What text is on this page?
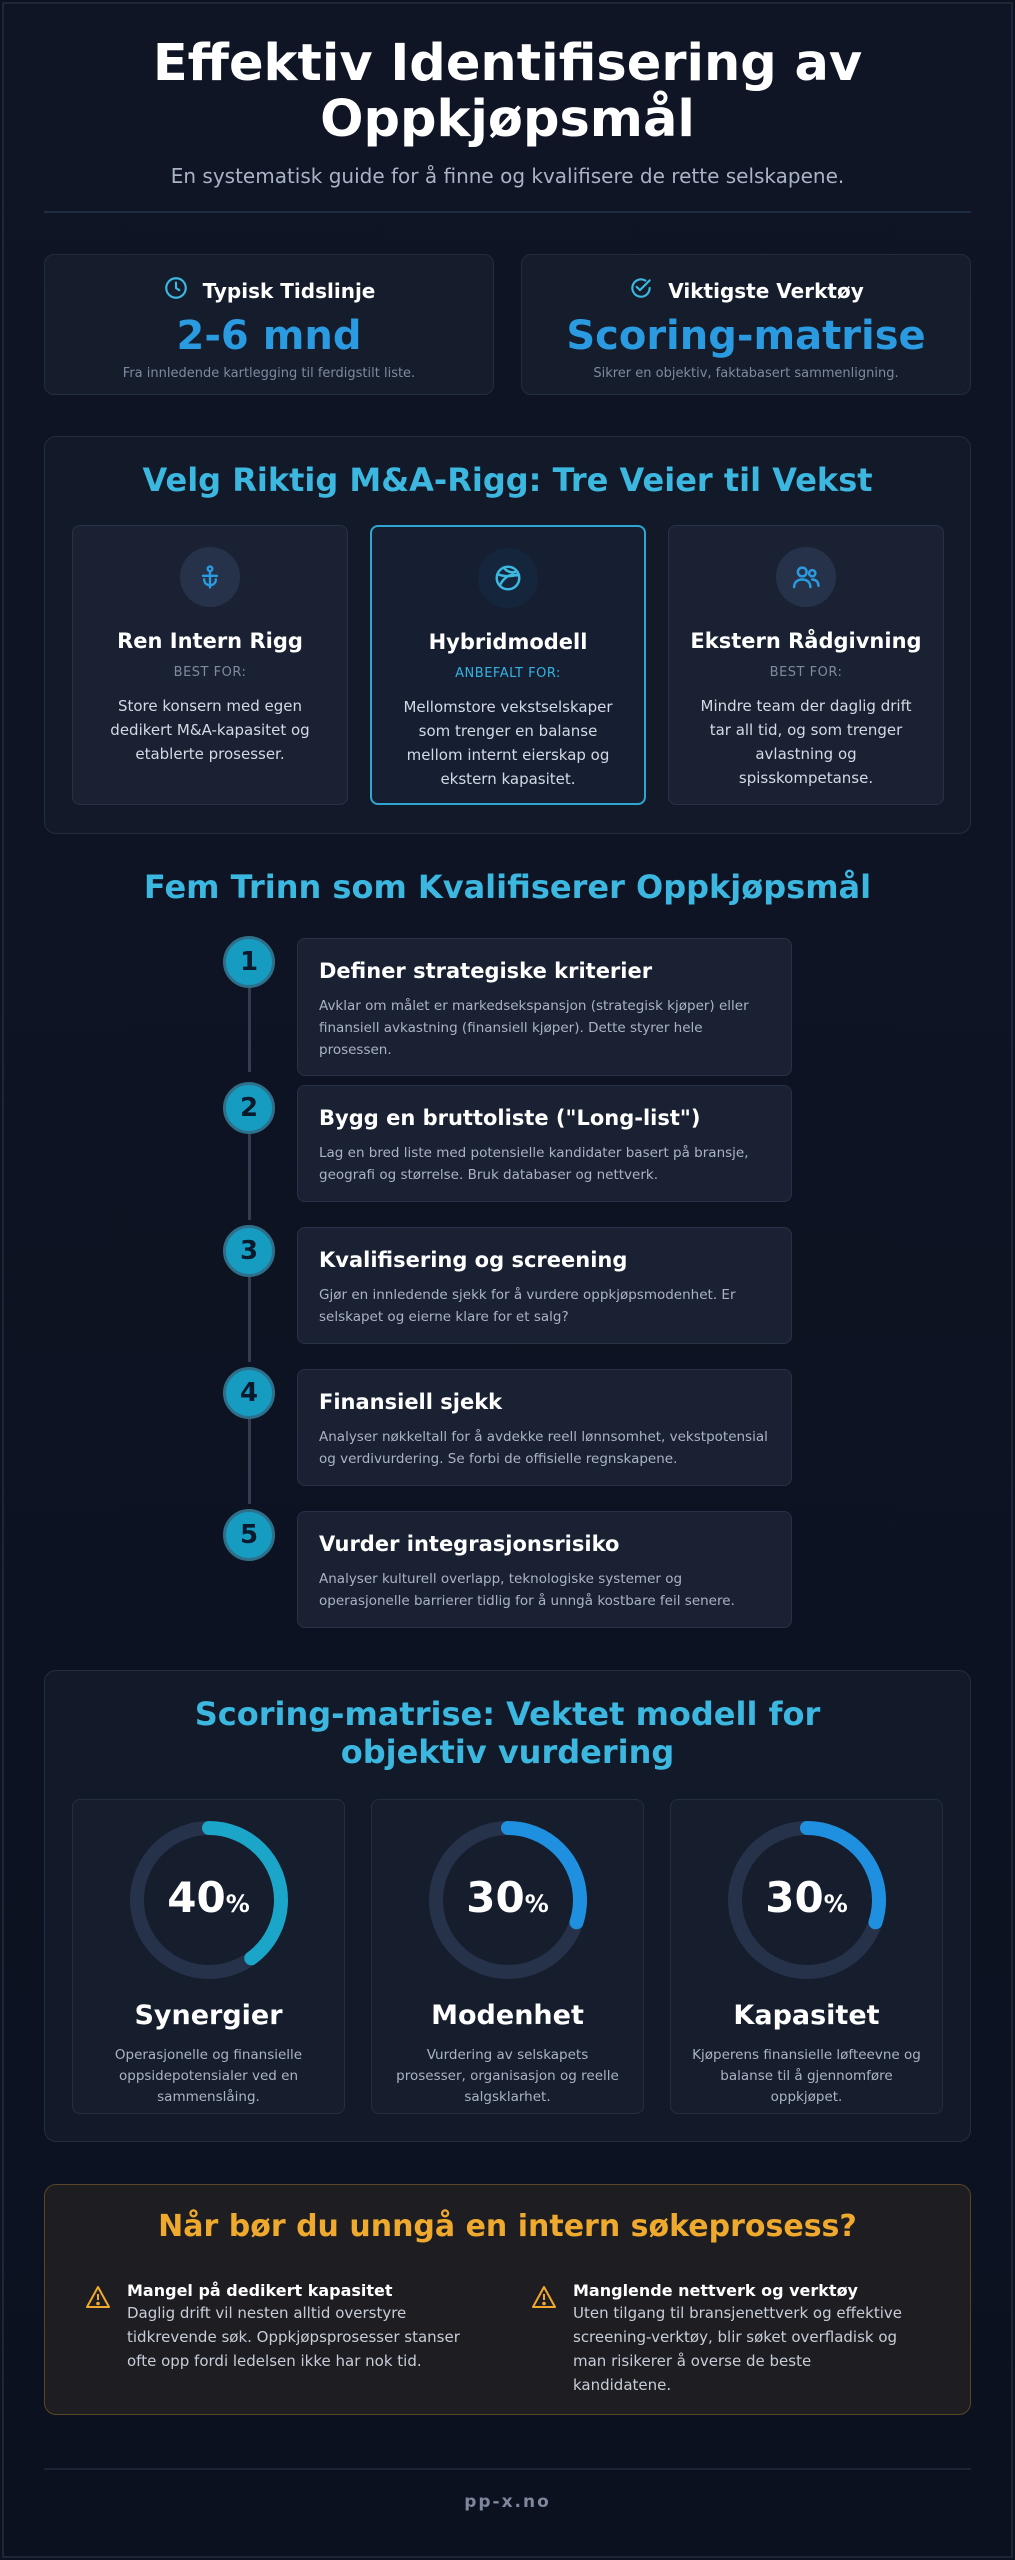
Effektiv Identifisering av Oppkjøpsmål
En systematisk guide for å finne og kvalifisere de rette selskapene.
Typisk Tidslinje
2-6 mnd
Fra innledende kartlegging til ferdigstilt liste.
Viktigste Verktøy
Scoring-matrise
Sikrer en objektiv, faktabasert sammenligning.
Velg Riktig M&A-Rigg: Tre Veier til Vekst
Ren Intern Rigg
BEST FOR:
Store konsern med egen dedikert M&A-kapasitet og etablerte prosesser.
Hybridmodell
ANBEFALT FOR:
Mellomstore vekstselskaper som trenger en balanse mellom internt eierskap og ekstern kapasitet.
Ekstern Rådgivning
BEST FOR:
Mindre team der daglig drift tar all tid, og som trenger avlastning og spisskompetanse.
Fem Trinn som Kvalifiserer Oppkjøpsmål
1	Definer strategiske kriterier
Avklar om målet er markedsekspansjon (strategisk kjøper) eller finansiell avkastning (finansiell kjøper). Dette styrer hele prosessen.
2	Bygg en bruttoliste ("Long-list")
Lag en bred liste med potensielle kandidater basert på bransje, geografi og størrelse. Bruk databaser og nettverk.
3	Kvalifisering og screening
Gjør en innledende sjekk for å vurdere oppkjøpsmodenhet. Er selskapet og eierne klare for et salg?
4	Finansiell sjekk
Analyser nøkkeltall for å avdekke reell lønnsomhet, vekstpotensial og verdivurdering. Se forbi de offisielle regnskapene.
5	Vurder integrasjonsrisiko
Analyser kulturell overlapp, teknologiske systemer og operasjonelle barrierer tidlig for å unngå kostbare feil senere.
Scoring-matrise: Vektet modell for objektiv vurdering
40%
Synergier
Operasjonelle og finansielle oppsidepotensialer ved en sammenslåing.
30%
Modenhet
Vurdering av selskapets prosesser, organisasjon og reelle salgsklarhet.
30%
Kapasitet
Kjøperens finansielle løfteevne og balanse til å gjennomføre oppkjøpet.
Når bør du unngå en intern søkeprosess?
Mangel på dedikert kapasitet
Daglig drift vil nesten alltid overstyre tidkrevende søk. Oppkjøpsprosesser stanser ofte opp fordi ledelsen ikke har nok tid.
Manglende nettverk og verktøy
Uten tilgang til bransjenettverk og effektive screening-verktøy, blir søket overfladisk og man risikerer å overse de beste kandidatene.
pp-x.no
